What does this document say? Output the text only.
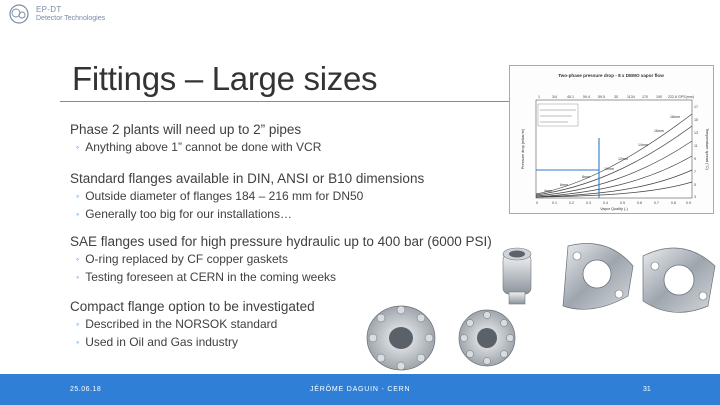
EP-DT
Detector Technologies
Fittings – Large sizes
Phase 2 plants will need up to 2” pipes
◦ Anything above 1” cannot be done with VCR
Standard flanges available in DIN, ANSI or B10 dimensions
◦ Outside diameter of flanges 184 – 216 mm for DN50
◦ Generally too big for our installations…
SAE flanges used for high pressure hydraulic up to 400 bar (6000 PSI)
◦ O-ring replaced by CF copper gaskets
◦ Testing foreseen at CERN in the coming weeks
Compact flange option to be investigated
◦ Described in the NORSOK standard
◦ Used in Oil and Gas industry
Two-phase pressure drop - 8 x DEMO vapor flow
1	3/4	45.1	59.4 59.5	30	1134 170 190 222.6 GPS(mm)
18mm
16mm
14mm
12mm
10mm
8mm
6mm
4mm
0	0.1	0.2	0.3	0.4	0.5	0.6	0.7	0.8	0.9
17
15
13
11
9
7
5
3
Vapor Quality (-)
Pressure drop (mbar/m)	Temperature spread (°C)
25.06.18	JÉRÔME DAGUIN - CERN	31
